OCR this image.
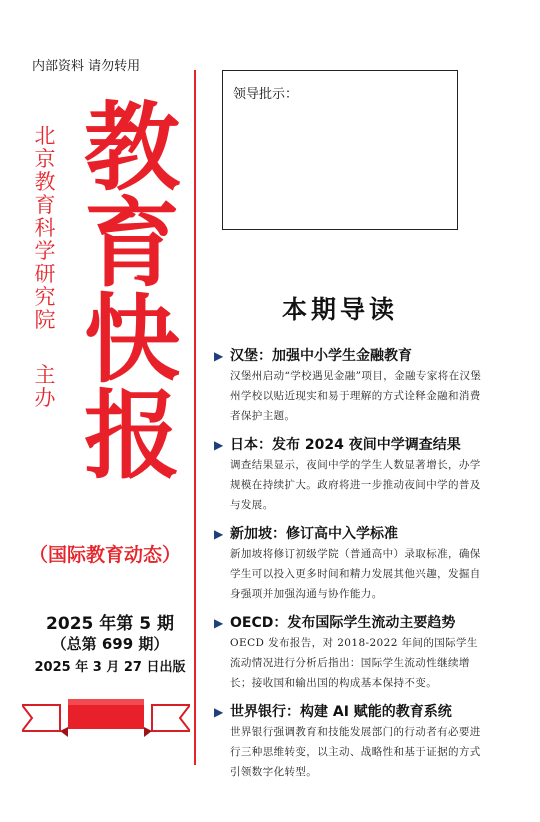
内部资料 请勿转用
北
京
教
育
科
学
研
究
院
主
办
教
育
快
报
（国际教育动态）
2025 年第 5 期
（总第 699 期）
2025 年 3 月 27 日出版
领导批示：
本期导读
▶ 汉堡：加强中小学生金融教育
汉堡州启动“学校遇见金融”项目，金融专家将在汉堡州学校以贴近现实和易于理解的方式诠释金融和消费者保护主题。
▶ 日本：发布 2024 夜间中学调查结果
调查结果显示，夜间中学的学生人数显著增长，办学规模在持续扩大。政府将进一步推动夜间中学的普及与发展。
▶ 新加坡：修订高中入学标准
新加坡将修订初级学院（普通高中）录取标准，确保学生可以投入更多时间和精力发展其他兴趣，发掘自身强项并加强沟通与协作能力。
▶ OECD：发布国际学生流动主要趋势
OECD 发布报告，对 2018-2022 年间的国际学生流动情况进行分析后指出：国际学生流动性继续增长；接收国和输出国的构成基本保持不变。
▶ 世界银行：构建 AI 赋能的教育系统
世界银行强调教育和技能发展部门的行动者有必要进行三种思维转变，以主动、战略性和基于证据的方式引领数字化转型。
